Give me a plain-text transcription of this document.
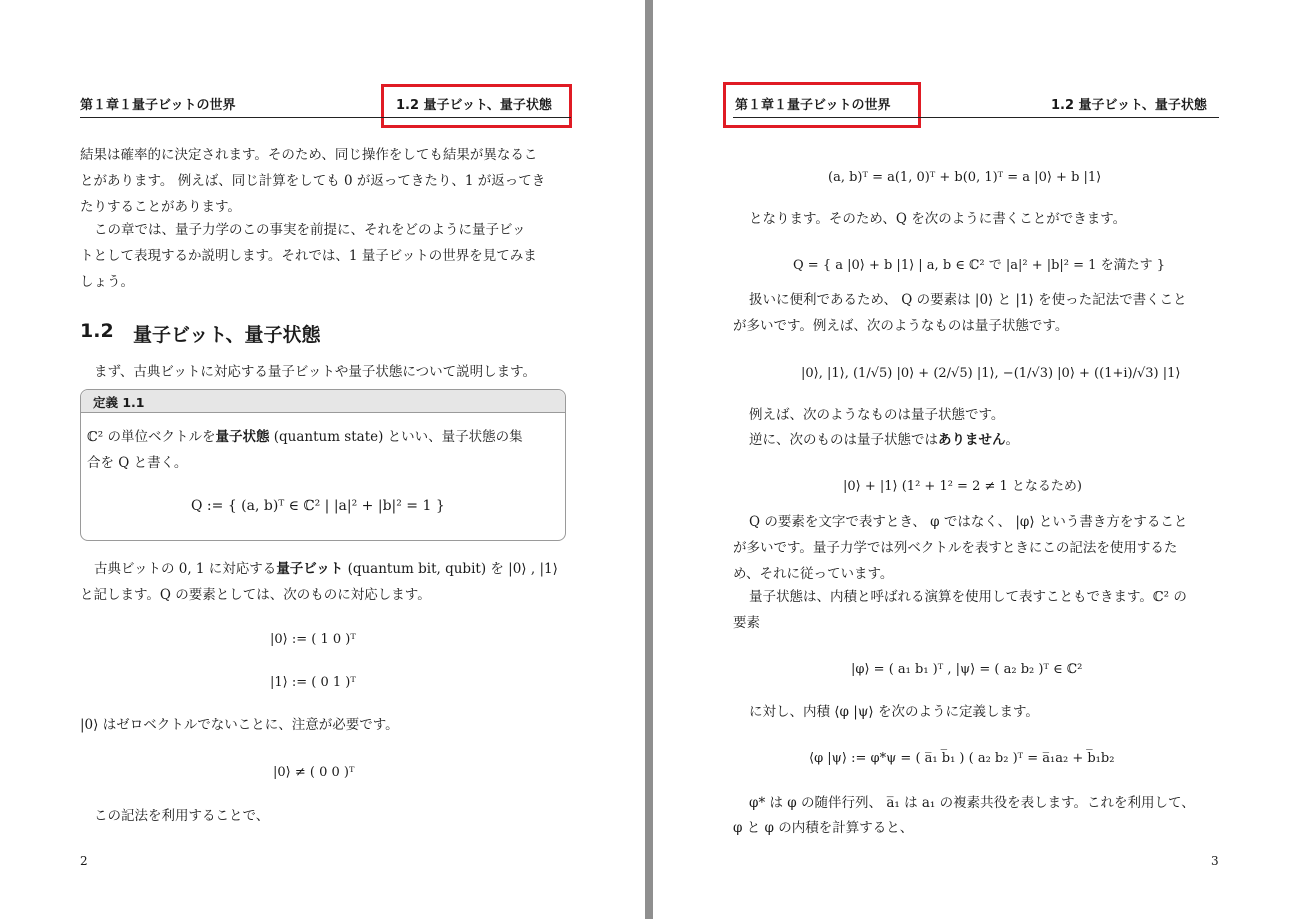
第１章１量子ビットの世界	1.2 量子ビット、量子状態
結果は確率的に決定されます。そのため、同じ操作をしても結果が異なるこ
とがあります。 例えば、同じ計算をしても 0 が返ってきたり、1 が返ってき
たりすることがあります。
この章では、量子力学のこの事実を前提に、それをどのように量子ビッ
トとして表現するか説明します。それでは、1 量子ビットの世界を見てみま
しょう。
1.2 量子ビット、量子状態
まず、古典ビットに対応する量子ビットや量子状態について説明します。
定義 1.1
ℂ² の単位ベクトルを量子状態 (quantum state) といい、量子状態の集
合を Q と書く。
Q := { (a, b)ᵀ ∈ ℂ² | |a|² + |b|² = 1 }
古典ビットの 0, 1 に対応する量子ビット (quantum bit, qubit) を |0⟩ , |1⟩
と記します。Q の要素としては、次のものに対応します。
|0⟩ := ( 1 0 )ᵀ
|1⟩ := ( 0 1 )ᵀ
|0⟩ はゼロベクトルでないことに、注意が必要です。
|0⟩ ≠ ( 0 0 )ᵀ
この記法を利用することで、
2
第１章１量子ビットの世界	1.2 量子ビット、量子状態
(a, b)ᵀ = a(1, 0)ᵀ + b(0, 1)ᵀ = a |0⟩ + b |1⟩
となります。そのため、Q を次のように書くことができます。
Q = { a |0⟩ + b |1⟩ | a, b ∈ ℂ² で |a|² + |b|² = 1 を満たす }
扱いに便利であるため、 Q の要素は |0⟩ と |1⟩ を使った記法で書くこと
が多いです。例えば、次のようなものは量子状態です。
|0⟩, |1⟩, (1/√5) |0⟩ + (2/√5) |1⟩, −(1/√3) |0⟩ + ((1+i)/√3) |1⟩
例えば、次のようなものは量子状態です。
逆に、次のものは量子状態ではありません。
|0⟩ + |1⟩ (1² + 1² = 2 ≠ 1 となるため)
Q の要素を文字で表すとき、 φ ではなく、 |φ⟩ という書き方をすること
が多いです。量子力学では列ベクトルを表すときにこの記法を使用するた
め、それに従っています。
量子状態は、内積と呼ばれる演算を使用して表すこともできます。ℂ² の
要素
|φ⟩ = ( a₁ b₁ )ᵀ , |ψ⟩ = ( a₂ b₂ )ᵀ ∈ ℂ²
に対し、内積 ⟨φ |ψ⟩ を次のように定義します。
⟨φ |ψ⟩ := φ*ψ = ( a̅₁ b̅₁ ) ( a₂ b₂ )ᵀ = a̅₁a₂ + b̅₁b₂
φ* は φ の随伴行列、 a̅₁ は a₁ の複素共役を表します。これを利用して、
φ と φ の内積を計算すると、
3
